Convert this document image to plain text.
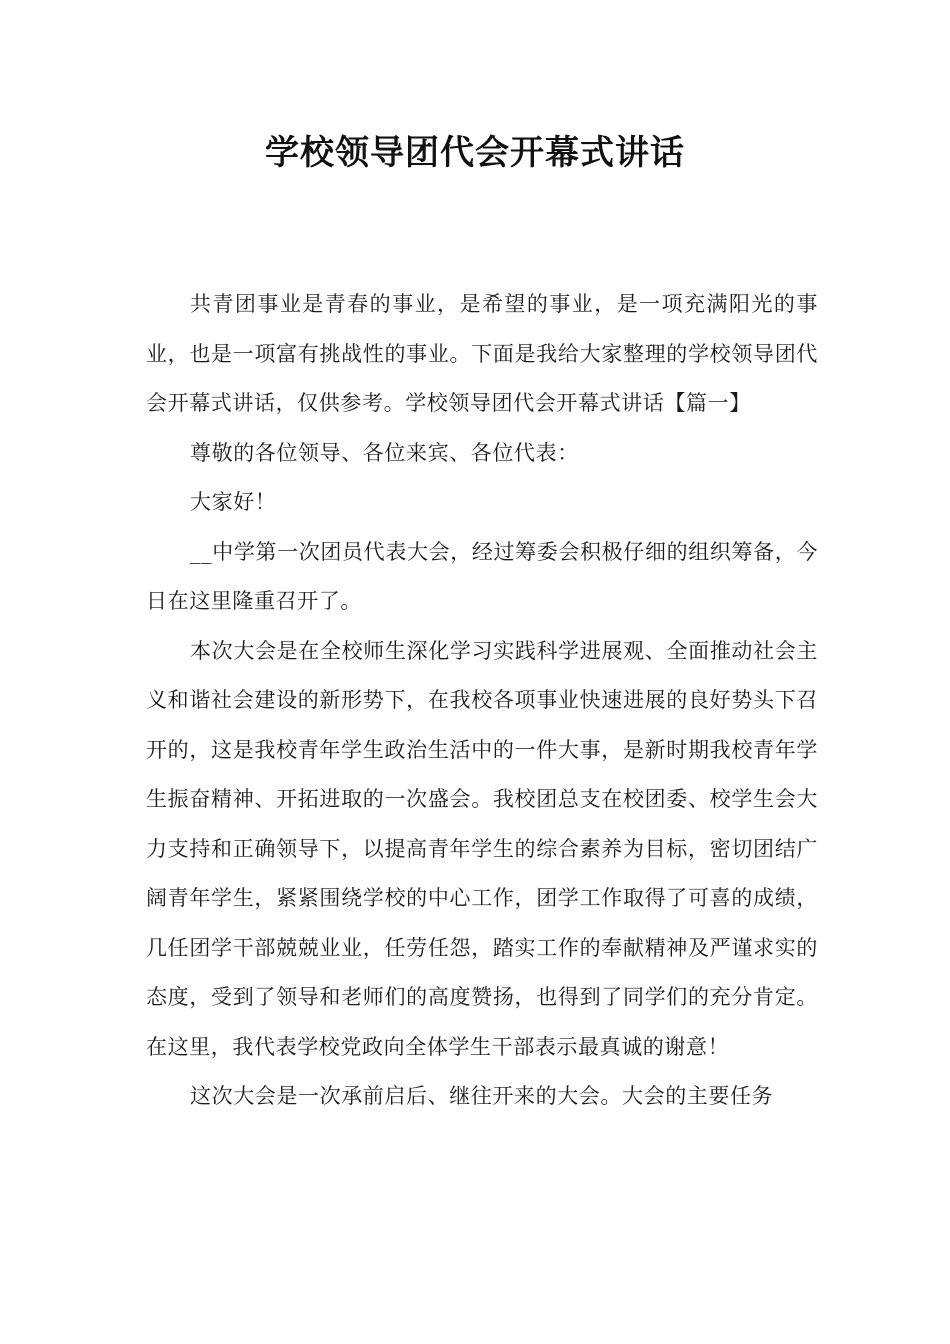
学校领导团代会开幕式讲话

共青团事业是青春的事业，是希望的事业，是一项充满阳光的事业，也是一项富有挑战性的事业。下面是我给大家整理的学校领导团代会开幕式讲话，仅供参考。学校领导团代会开幕式讲话【篇一】

尊敬的各位领导、各位来宾、各位代表：

大家好！

__中学第一次团员代表大会，经过筹委会积极仔细的组织筹备，今日在这里隆重召开了。

本次大会是在全校师生深化学习实践科学进展观、全面推动社会主义和谐社会建设的新形势下，在我校各项事业快速进展的良好势头下召开的，这是我校青年学生政治生活中的一件大事，是新时期我校青年学生振奋精神、开拓进取的一次盛会。我校团总支在校团委、校学生会大力支持和正确领导下，以提高青年学生的综合素养为目标，密切团结广阔青年学生，紧紧围绕学校的中心工作，团学工作取得了可喜的成绩，几任团学干部兢兢业业，任劳任怨，踏实工作的奉献精神及严谨求实的态度，受到了领导和老师们的高度赞扬，也得到了同学们的充分肯定。在这里，我代表学校党政向全体学生干部表示最真诚的谢意！

这次大会是一次承前启后、继往开来的大会。大会的主要任务
